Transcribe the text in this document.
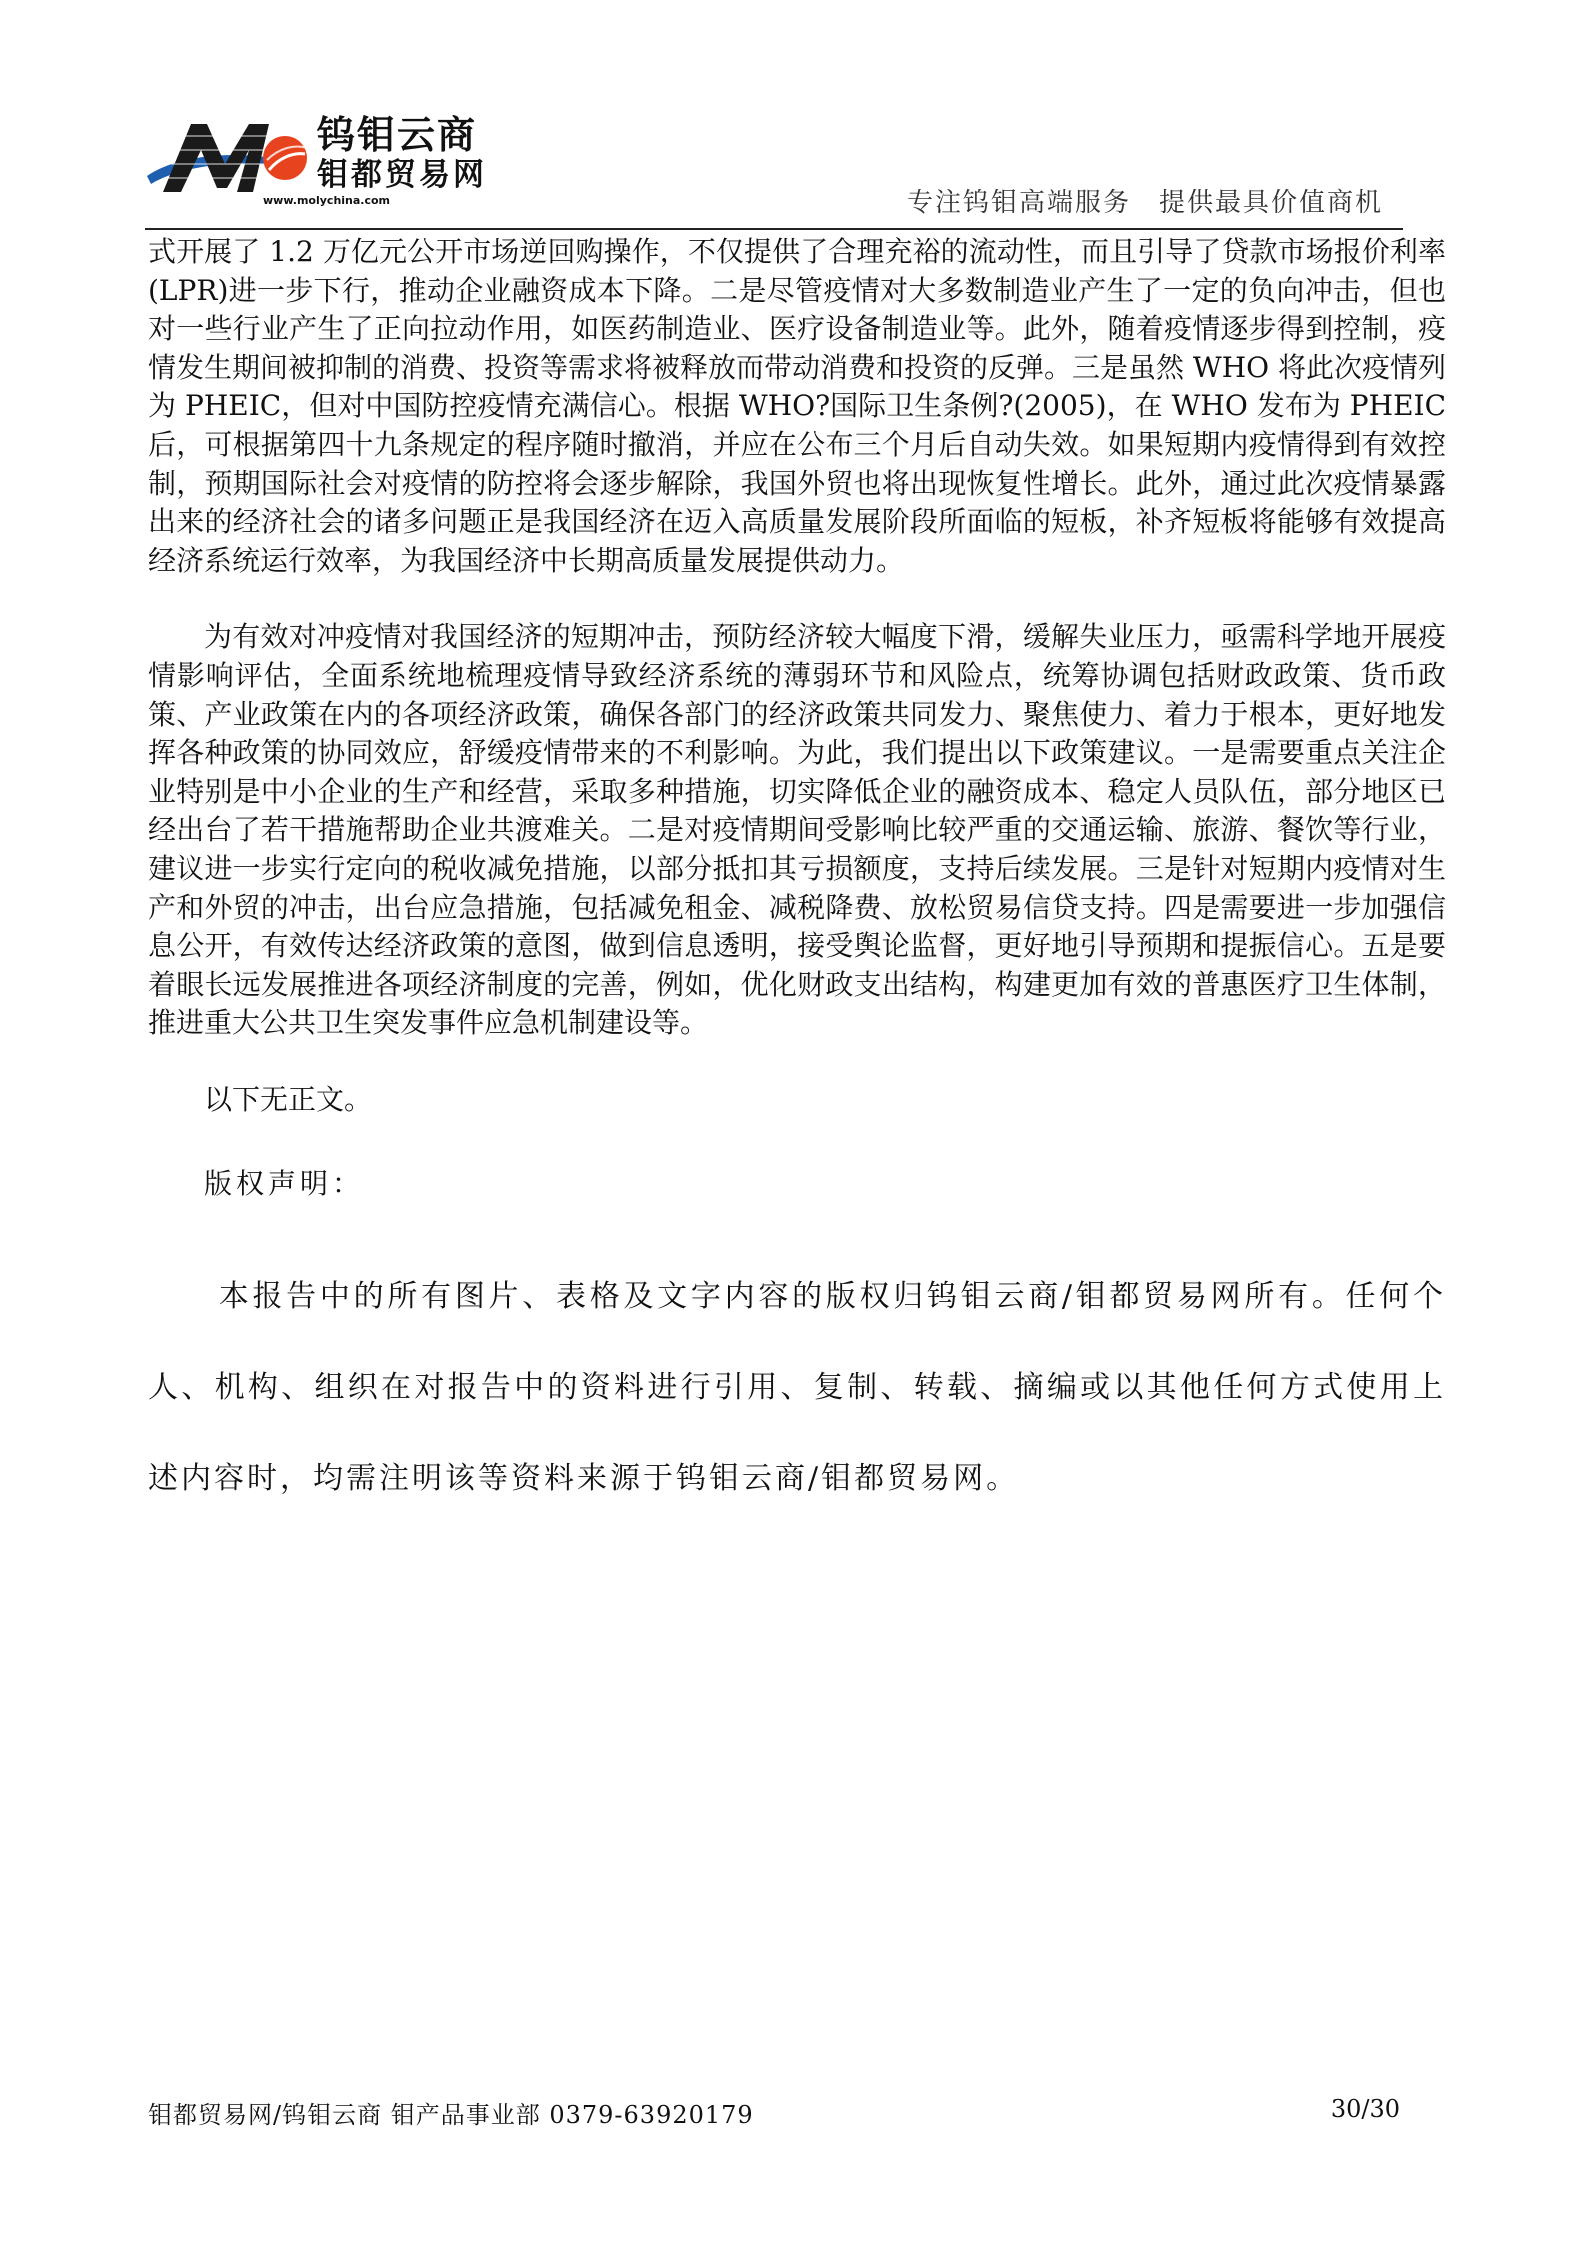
钨钼云商
钼都贸易网
www.molychina.com	专注钨钼高端服务　提供最具价值商机

式开展了 1.2 万亿元公开市场逆回购操作，不仅提供了合理充裕的流动性，而且引导了贷款市场报价利率(LPR)进一步下行，推动企业融资成本下降。二是尽管疫情对大多数制造业产生了一定的负向冲击，但也对一些行业产生了正向拉动作用，如医药制造业、医疗设备制造业等。此外，随着疫情逐步得到控制，疫情发生期间被抑制的消费、投资等需求将被释放而带动消费和投资的反弹。三是虽然 WHO 将此次疫情列为 PHEIC，但对中国防控疫情充满信心。根据 WHO?国际卫生条例?(2005)，在 WHO 发布为 PHEIC 后，可根据第四十九条规定的程序随时撤消，并应在公布三个月后自动失效。如果短期内疫情得到有效控制，预期国际社会对疫情的防控将会逐步解除，我国外贸也将出现恢复性增长。此外，通过此次疫情暴露出来的经济社会的诸多问题正是我国经济在迈入高质量发展阶段所面临的短板，补齐短板将能够有效提高经济系统运行效率，为我国经济中长期高质量发展提供动力。

为有效对冲疫情对我国经济的短期冲击，预防经济较大幅度下滑，缓解失业压力，亟需科学地开展疫情影响评估，全面系统地梳理疫情导致经济系统的薄弱环节和风险点，统筹协调包括财政政策、货币政策、产业政策在内的各项经济政策，确保各部门的经济政策共同发力、聚焦使力、着力于根本，更好地发挥各种政策的协同效应，舒缓疫情带来的不利影响。为此，我们提出以下政策建议。一是需要重点关注企业特别是中小企业的生产和经营，采取多种措施，切实降低企业的融资成本、稳定人员队伍，部分地区已经出台了若干措施帮助企业共渡难关。二是对疫情期间受影响比较严重的交通运输、旅游、餐饮等行业，建议进一步实行定向的税收减免措施，以部分抵扣其亏损额度，支持后续发展。三是针对短期内疫情对生产和外贸的冲击，出台应急措施，包括减免租金、减税降费、放松贸易信贷支持。四是需要进一步加强信息公开，有效传达经济政策的意图，做到信息透明，接受舆论监督，更好地引导预期和提振信心。五是要着眼长远发展推进各项经济制度的完善，例如，优化财政支出结构，构建更加有效的普惠医疗卫生体制，推进重大公共卫生突发事件应急机制建设等。

以下无正文。

版权声明：

本报告中的所有图片、表格及文字内容的版权归钨钼云商/钼都贸易网所有。任何个人、机构、组织在对报告中的资料进行引用、复制、转载、摘编或以其他任何方式使用上述内容时，均需注明该等资料来源于钨钼云商/钼都贸易网。

钼都贸易网/钨钼云商 钼产品事业部 0379-63920179	30/30
